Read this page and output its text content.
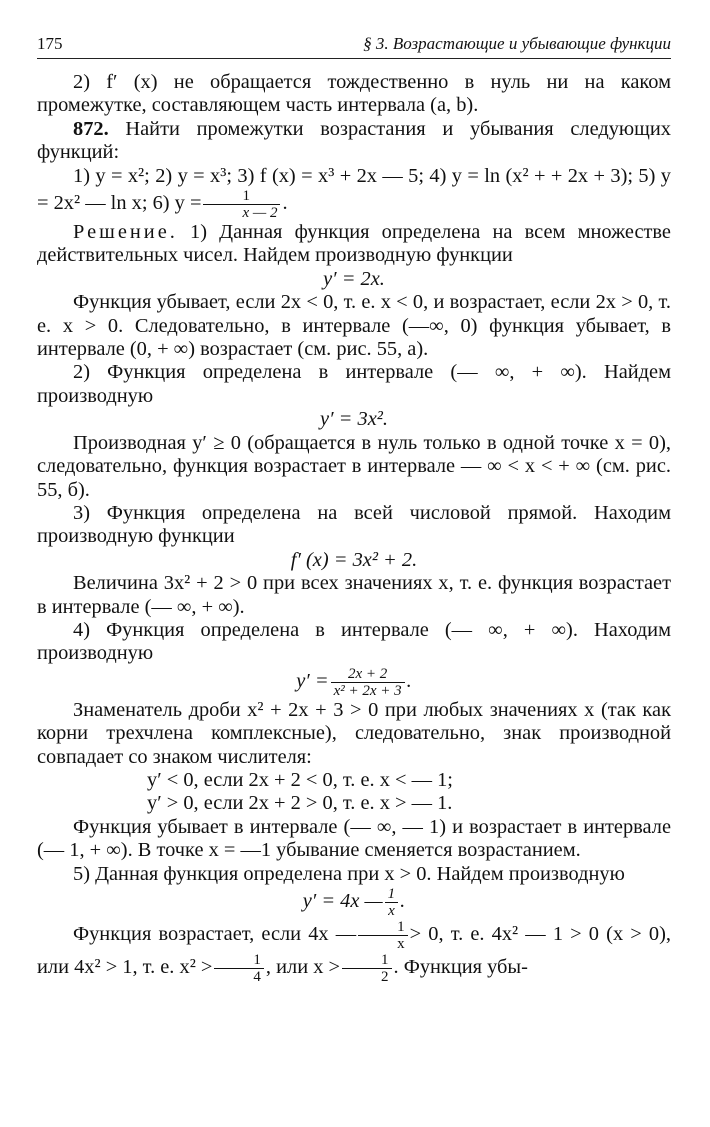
175	§ 3. Возрастающие и убывающие функции

2) f′ (x) не обращается тождественно в нуль ни на каком промежутке, составляющем часть интервала (a, b).

872. Найти промежутки возрастания и убывания следующих функций:

1) y = x²; 2) y = x³; 3) f (x) = x³ + 2x — 5; 4) y = ln (x² + + 2x + 3); 5) y = 2x² — ln x; 6) $y = \frac{1}{x — 2}$ .

Решение. 1) Данная функция определена на всем множестве действительных чисел. Найдем производную функции

y′ = 2x.

Функция убывает, если 2x < 0, т. е. x < 0, и возрастает, если 2x > 0, т. е. x > 0. Следовательно, в интервале (—∞, 0) функция убывает, в интервале (0, + ∞) возрастает (см. рис. 55, а).

2) Функция определена в интервале (— ∞, + ∞). Найдем производную

y′ = 3x².

Производная y′ ≥ 0 (обращается в нуль только в одной точке x = 0), следовательно, функция возрастает в интервале — ∞ < x < + ∞ (см. рис. 55, б).

3) Функция определена на всей числовой прямой. Находим производную функции

f′ (x) = 3x² + 2.

Величина 3x² + 2 > 0 при всех значениях x, т. е. функция возрастает в интервале (— ∞, + ∞).

4) Функция определена в интервале (— ∞, + ∞). Находим производную

$y' = \frac{2x + 2}{\text{x² + 2x + 3}}$ .

Знаменатель дроби x² + 2x + 3 > 0 при любых значениях x (так как корни трехчлена комплексные), следовательно, знак производной совпадает со знаком числителя:

y′ < 0, если 2x + 2 < 0, т. е. x < — 1;

y′ > 0, если 2x + 2 > 0, т. е. x > — 1.

Функция убывает в интервале (— ∞, — 1) и возрастает в интервале (— 1, + ∞). В точке x = —1 убывание сменяется возрастанием.

5) Данная функция определена при x > 0. Найдем производную

y′ = 4x — $\frac{1}{x}$ .

Функция возрастает, если 4x — $\frac{1}{x} > 0$, т. е. 4x² — 1 > 0 (x > 0), или 4x² > 1, т. е. $x^2 > \frac{1}{4}$ , или $x > \frac{1}{2}$ . Функция убы-
